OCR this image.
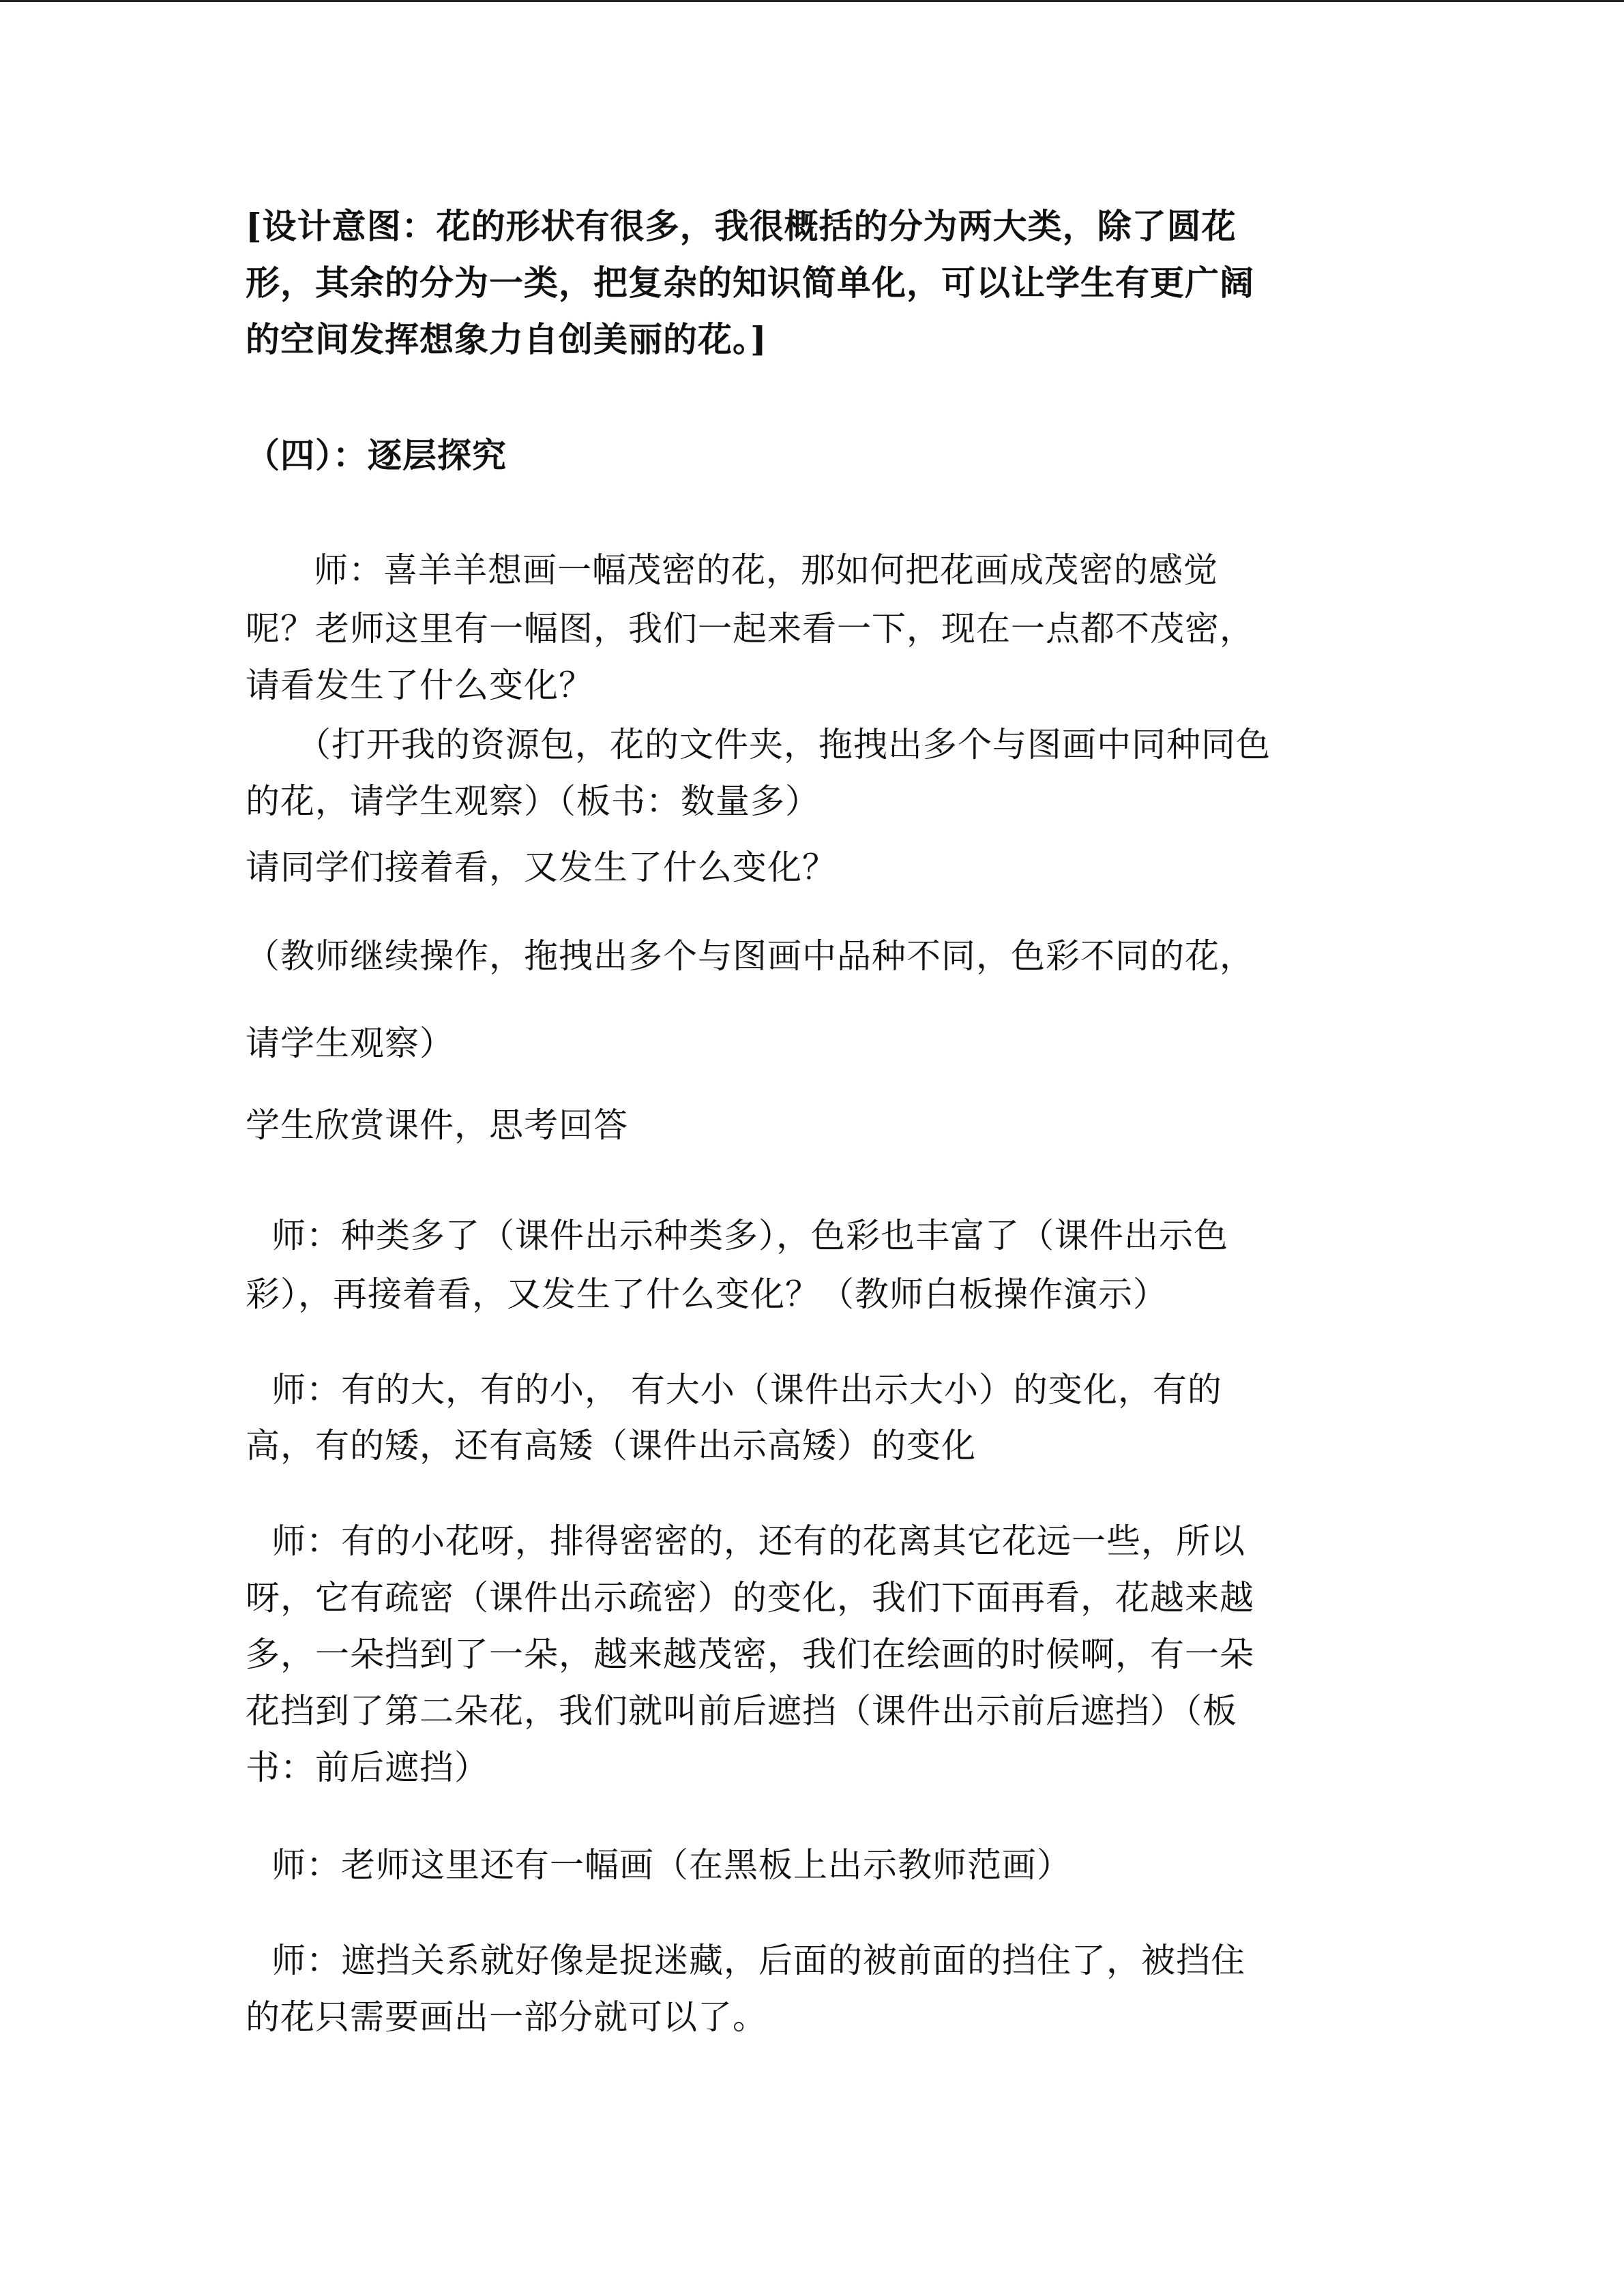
[设计意图：花的形状有很多，我很概括的分为两大类，除了圆花
形，其余的分为一类，把复杂的知识简单化，可以让学生有更广阔
的空间发挥想象力自创美丽的花。]
（四）：逐层探究
师：喜羊羊想画一幅茂密的花，那如何把花画成茂密的感觉
呢？老师这里有一幅图，我们一起来看一下，现在一点都不茂密，
请看发生了什么变化？
（打开我的资源包，花的文件夹，拖拽出多个与图画中同种同色
的花，请学生观察）（板书：数量多）
请同学们接着看，又发生了什么变化？
（教师继续操作，拖拽出多个与图画中品种不同，色彩不同的花，
请学生观察）
学生欣赏课件，思考回答
师：种类多了（课件出示种类多），色彩也丰富了（课件出示色
彩），再接着看，又发生了什么变化？（教师白板操作演示）
师：有的大，有的小， 有大小（课件出示大小）的变化，有的
高，有的矮，还有高矮（课件出示高矮）的变化
师：有的小花呀，排得密密的，还有的花离其它花远一些，所以
呀，它有疏密（课件出示疏密）的变化，我们下面再看，花越来越
多，一朵挡到了一朵，越来越茂密，我们在绘画的时候啊，有一朵
花挡到了第二朵花，我们就叫前后遮挡（课件出示前后遮挡）（板
书：前后遮挡）
师：老师这里还有一幅画（在黑板上出示教师范画）
师：遮挡关系就好像是捉迷藏，后面的被前面的挡住了，被挡住
的花只需要画出一部分就可以了。
